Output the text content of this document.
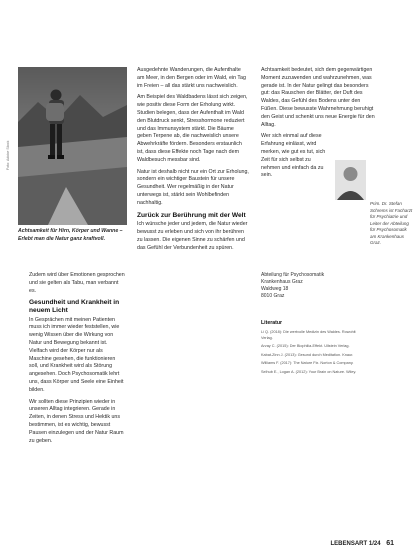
Foto: Adobe Stock
Achtsamkeit für Hirn, Körper und Wanne – Erlebt man die Natur ganz kraftvoll.

Zudem wird über Emotionen gesprochen und sie gelten als Tabu, man verbannt es.

Gesundheit und Krankheit in neuem Licht

In Gesprächen mit meinen Patienten muss ich immer wieder feststellen, wie wenig Wissen über die Wirkung von Natur und Bewegung bekannt ist. Vielfach wird der Körper nur als Maschine gesehen, die funktionieren soll, und Krankheit wird als Störung angesehen. Doch Psychosomatik lehrt uns, dass Körper und Seele eine Einheit bilden.

Wir sollten diese Prinzipien wieder in unseren Alltag integrieren. Gerade in Zeiten, in denen Stress und Hektik uns bestimmen, ist es wichtig, bewusst Pausen einzulegen und der Natur Raum zu geben.

Ausgedehnte Wanderungen, die Aufenthalte am Meer, in den Bergen oder im Wald, ein Tag im Freien – all das stärkt uns nachweislich.

Am Beispiel des Waldbadens lässt sich zeigen, wie positiv diese Form der Erholung wirkt. Studien belegen, dass der Aufenthalt im Wald den Blutdruck senkt, Stresshormone reduziert und das Immunsystem stärkt. Die Bäume geben Terpene ab, die nachweislich unsere Abwehrkräfte fördern. Besonders erstaunlich ist, dass diese Effekte noch Tage nach dem Waldbesuch messbar sind.

Natur ist deshalb nicht nur ein Ort zur Erholung, sondern ein wichtiger Baustein für unsere Gesundheit. Wer regelmäßig in der Natur unterwegs ist, stärkt sein Wohlbefinden nachhaltig.

Zurück zur Berührung mit der Welt

Ich wünsche jeder und jedem, die Natur wieder bewusst zu erleben und sich von ihr berühren zu lassen. Die eigenen Sinne zu schärfen und das Gefühl der Verbundenheit zu spüren.

Achtsamkeit bedeutet, sich dem gegenwärtigen Moment zuzuwenden und wahrzunehmen, was gerade ist. In der Natur gelingt das besonders gut: das Rauschen der Blätter, der Duft des Waldes, das Gefühl des Bodens unter den Füßen. Diese bewusste Wahrnehmung beruhigt den Geist und schenkt uns neue Energie für den Alltag.

Wer sich einmal auf diese Erfahrung einlässt, wird merken, wie gut es tut, sich Zeit für sich selbst zu nehmen und einfach da zu sein.

Prim. Dr. Stefan Schrems ist Facharzt für Psychiatrie und Leiter der Abteilung für Psychosomatik am Krankenhaus Graz.
Abteilung für Psychosomatik
Krankenhaus Graz
Waldweg 18
8010 Graz
Literatur

Li Q. (2018): Die wertvolle Medizin des Waldes. Rowohlt Verlag.

Arvay C. (2015): Der Biophilia-Effekt. Ullstein Verlag.

Kabat-Zinn J. (2013): Gesund durch Meditation. Knaur.

Williams F. (2017): The Nature Fix. Norton & Company.

Selhub E., Logan A. (2012): Your Brain on Nature. Wiley.

LEBENSART 1/24 61
